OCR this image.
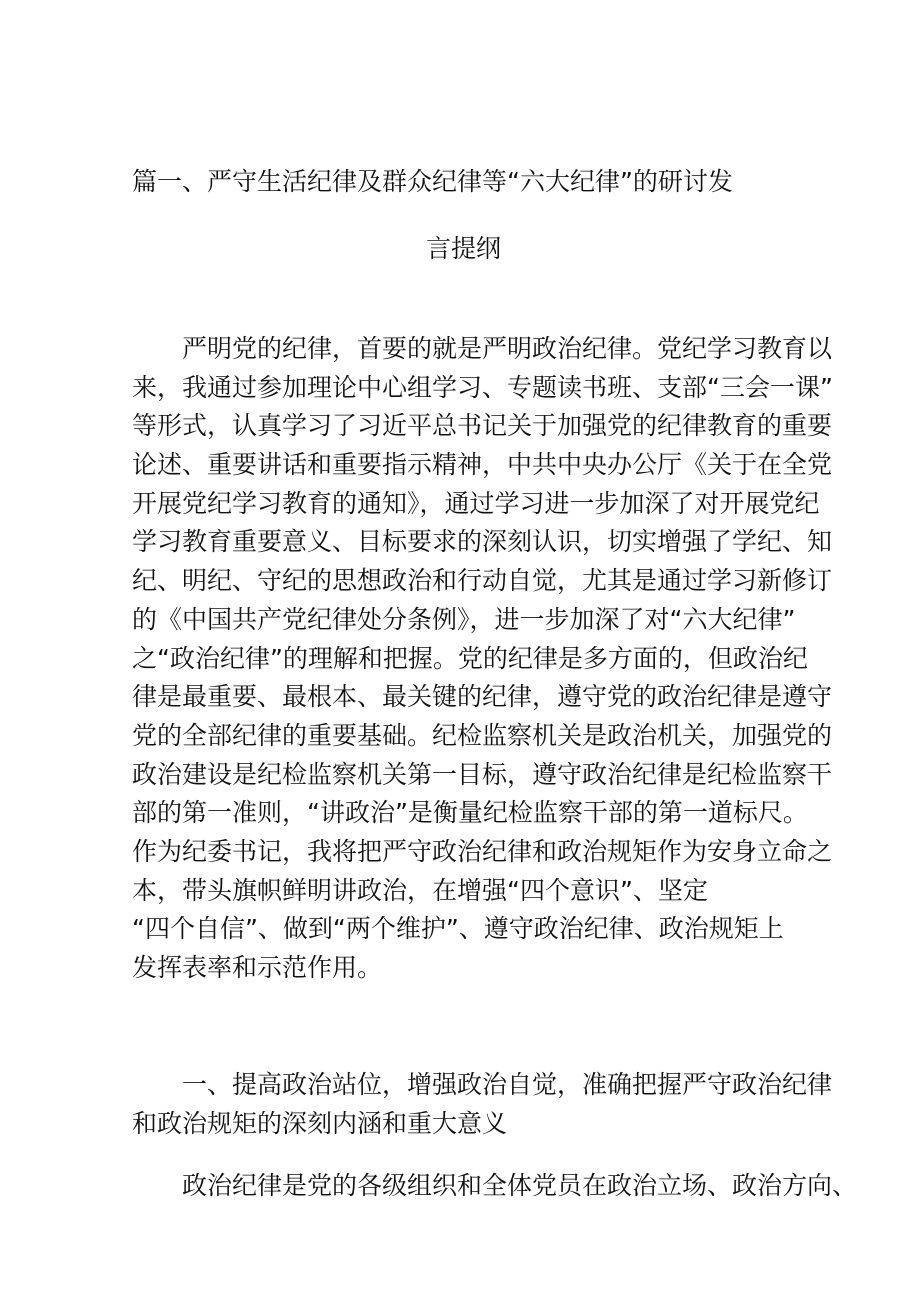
篇一、严守生活纪律及群众纪律等“六大纪律”的研讨发
言提纲
严明党的纪律，首要的就是严明政治纪律。党纪学习教育以
来，我通过参加理论中心组学习、专题读书班、支部“三会一课”
等形式，认真学习了习近平总书记关于加强党的纪律教育的重要
论述、重要讲话和重要指示精神，中共中央办公厅《关于在全党
开展党纪学习教育的通知》，通过学习进一步加深了对开展党纪
学习教育重要意义、目标要求的深刻认识，切实增强了学纪、知
纪、明纪、守纪的思想政治和行动自觉，尤其是通过学习新修订
的《中国共产党纪律处分条例》，进一步加深了对“六大纪律”
之“政治纪律”的理解和把握。党的纪律是多方面的，但政治纪
律是最重要、最根本、最关键的纪律，遵守党的政治纪律是遵守
党的全部纪律的重要基础。纪检监察机关是政治机关，加强党的
政治建设是纪检监察机关第一目标，遵守政治纪律是纪检监察干
部的第一准则，“讲政治”是衡量纪检监察干部的第一道标尺。
作为纪委书记，我将把严守政治纪律和政治规矩作为安身立命之
本，带头旗帜鲜明讲政治，在增强“四个意识”、坚定
“四个自信”、做到“两个维护”、遵守政治纪律、政治规矩上
发挥表率和示范作用。
一、提高政治站位，增强政治自觉，准确把握严守政治纪律
和政治规矩的深刻内涵和重大意义
政治纪律是党的各级组织和全体党员在政治立场、政治方向、
